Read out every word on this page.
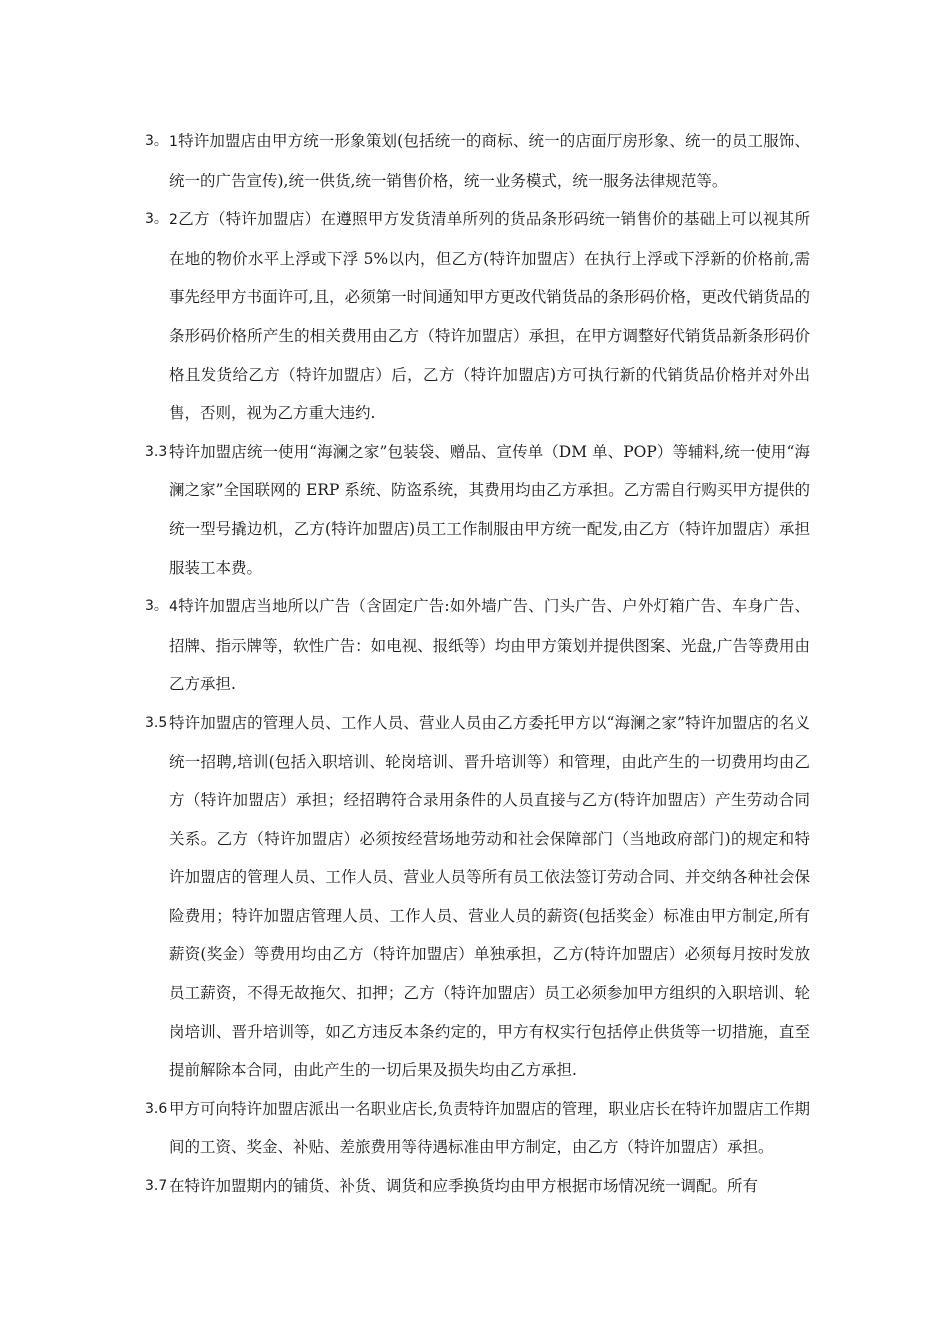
3。 1特许加盟店由甲方统一形象策划(包括统一的商标、统一的店面厅房形象、统一的员工服饰、统一的广告宣传),统一供货,统一销售价格，统一业务模式，统一服务法律规范等。

3。 2乙方（特许加盟店）在遵照甲方发货清单所列的货品条形码统一销售价的基础上可以视其所在地的物价水平上浮或下浮 5%以内，但乙方(特许加盟店）在执行上浮或下浮新的价格前,需事先经甲方书面许可,且，必须第一时间通知甲方更改代销货品的条形码价格，更改代销货品的条形码价格所产生的相关费用由乙方（特许加盟店）承担，在甲方调整好代销货品新条形码价格且发货给乙方（特许加盟店）后，乙方（特许加盟店)方可执行新的代销货品价格并对外出售，否则，视为乙方重大违约.

3.3 特许加盟店统一使用“海澜之家”包装袋、赠品、宣传单（DM 单、POP）等辅料,统一使用“海澜之家”全国联网的 ERP 系统、防盗系统，其费用均由乙方承担。乙方需自行购买甲方提供的统一型号撬边机，乙方(特许加盟店)员工工作制服由甲方统一配发,由乙方（特许加盟店）承担服装工本费。

3。 4特许加盟店当地所以广告（含固定广告:如外墙广告、门头广告、户外灯箱广告、车身广告、招牌、指示牌等，软性广告：如电视、报纸等）均由甲方策划并提供图案、光盘,广告等费用由乙方承担.

3.5 特许加盟店的管理人员、工作人员、营业人员由乙方委托甲方以“海澜之家”特许加盟店的名义统一招聘,培训(包括入职培训、轮岗培训、晋升培训等）和管理，由此产生的一切费用均由乙方（特许加盟店）承担；经招聘符合录用条件的人员直接与乙方(特许加盟店）产生劳动合同关系。乙方（特许加盟店）必须按经营场地劳动和社会保障部门（当地政府部门)的规定和特许加盟店的管理人员、工作人员、营业人员等所有员工依法签订劳动合同、并交纳各种社会保险费用；特许加盟店管理人员、工作人员、营业人员的薪资(包括奖金）标准由甲方制定,所有薪资(奖金）等费用均由乙方（特许加盟店）单独承担，乙方(特许加盟店）必须每月按时发放员工薪资，不得无故拖欠、扣押；乙方（特许加盟店）员工必须参加甲方组织的入职培训、轮岗培训、晋升培训等，如乙方违反本条约定的，甲方有权实行包括停止供货等一切措施，直至提前解除本合同，由此产生的一切后果及损失均由乙方承担.

3.6 甲方可向特许加盟店派出一名职业店长,负责特许加盟店的管理，职业店长在特许加盟店工作期间的工资、奖金、补贴、差旅费用等待遇标准由甲方制定，由乙方（特许加盟店）承担。

3.7 在特许加盟期内的铺货、补货、调货和应季换货均由甲方根据市场情况统一调配。所有
